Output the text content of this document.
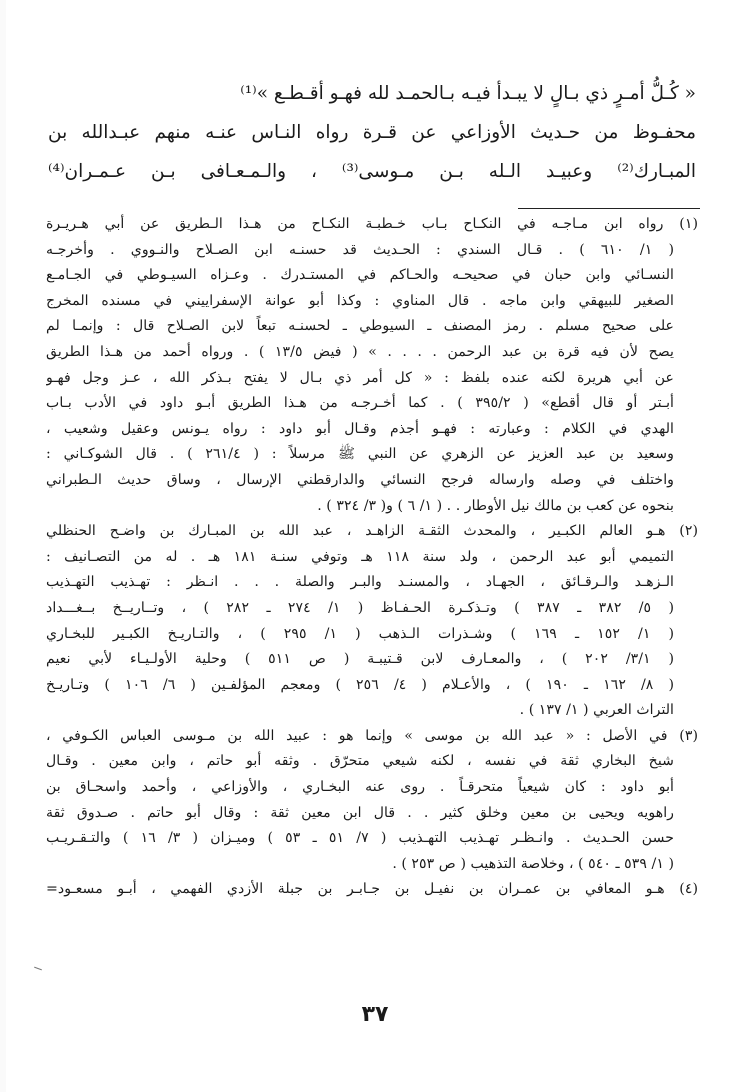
« كُـلُّ أمـرٍ ذي بـالٍ لا يبـدأ فيـه بـالحمـد لله فهـو أقـطـع »⁽¹⁾
محفـوظ من حـديث الأوزاعي عن قـرة رواه النـاس عنـه منهم عبـدالله بن
المبـارك⁽²⁾ وعبيـد الـله بـن مـوسى⁽³⁾ ، والـمـعـافى بـن عـمـران⁽⁴⁾
(١) رواه ابن مـاجـه في النكـاح بـاب خـطبـة النكـاح من هـذا الـطريق عن أبي هـريـرة
( ١/ ٦١٠ ) . قـال السندي : الحـديث قد حسنـه ابن الصـلاح والنـووي . وأخرجـه
النسـائي وابن حبان في صحيحـه والحـاكم في المستـدرك . وعـزاه السيـوطي في الجـامـع
الصغير للبيهقي وابن ماجه . قال المناوي : وكذا أبو عوانة الإسفراييني في مسنده المخرج
على صحيح مسلم . رمز المصنف ـ السيوطي ـ لحسنـه تبعاً لابن الصـلاح قال : وإنمـا لم
يصح لأن فيه قرة بن عبد الرحمن . . . . » ( فيض ١٣/٥ ) . ورواه أحمد من هـذا الطريق
عن أبي هريرة لكنه عنده بلفظ : « كل أمر ذي بـال لا يفتح بـذكر الله ، عـز وجل فهـو
أبـتر أو قال أقطع» ( ٣٩٥/٢ ) . كما أخـرجـه من هـذا الطريق أبـو داود في الأدب بـاب
الهدي في الكلام : وعبارته : فهـو أجذم وقـال أبو داود : رواه يـونس وعقيل وشعيب ،
وسعيد بن عبد العزيز عن الزهري عن النبي ﷺ مرسلاً : ( ٢٦١/٤ ) . قال الشوكـاني :
واختلف في وصله وارساله فرجح النسائي والدارقطني الإرسال ، وساق حديث الـطبراني
بنحوه عن كعب بن مالك نيل الأوطار . . ( ١/ ٦ ) و( ٣/ ٣٢٤ ) .
(٢) هـو العالم الكبـير ، والمحدث الثقـة الزاهـد ، عبد الله بن المبـارك بن واضـح الحنظلي
التميمي أبو عبد الرحمن ، ولد سنة ١١٨ هـ وتوفي سنـة ١٨١ هـ . له من التصـانيف :
الـزهـد والـرقـائق ، الجهـاد ، والمسنـد والبـر والصلة . . . انـظر : تهـذيب التهـذيب
( ٥/ ٣٨٢ ـ ٣٨٧ ) وتـذكـرة الحـفـاظ ( ١/ ٢٧٤ ـ ٢٨٢ ) ، وتــاريــخ بــغـــداد
( ١/ ١٥٢ ـ ١٦٩ ) وشـذرات الـذهب ( ١/ ٢٩٥ ) ، والتـاريـخ الكبـير للبخـاري
( ٣/١/ ٢٠٢ ) ، والمعـارف لابن قـتيبـة ( ص ٥١١ ) وحلية الأولـيـاء لأبي نعيم
( ٨/ ١٦٢ ـ ١٩٠ ) ، والأعـلام ( ٤/ ٢٥٦ ) ومعجم المؤلفـين ( ٦/ ١٠٦ ) وتـاريـخ
التراث العربي ( ١/ ١٣٧ ) .
(٣) في الأصل : « عبد الله بن موسى » وإنما هو : عبيد الله بن مـوسى العباس الكـوفي ،
شيخ البخاري ثقة في نفسه ، لكنه شيعي متحرّق . وثقه أبو حاتم ، وابن معين . وقـال
أبو داود : كان شيعياً متحرقـاً . روى عنه البخـاري ، والأوزاعي ، وأحمد واسحـاق بن
راهويه ويحيى بن معين وخلق كثير . . قال ابن معين ثقة : وقال أبو حاتم . صـدوق ثقة
حسن الحـديث . وانـظـر تهـذيب التهـذيب ( ٧/ ٥١ ـ ٥٣ ) وميـزان ( ٣/ ١٦ ) والتـقـريـب
( ١/ ٥٣٩ ـ ٥٤٠ ) ، وخلاصة التذهيب ( ص ٢٥٣ ) .
(٤) هـو المعافي بن عمـران بن نفيـل بن جـابـر بن جبلة الأزدي الفهمي ، أبـو مسعـود=
٣٧
